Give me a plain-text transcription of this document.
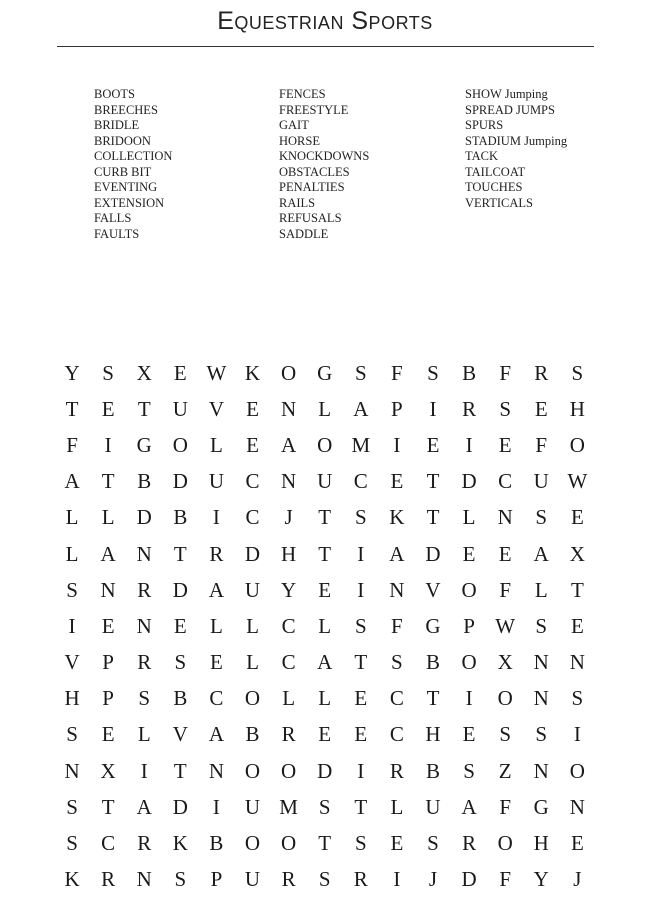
Equestrian Sports
BOOTS
BREECHES
BRIDLE
BRIDOON
COLLECTION
CURB BIT
EVENTING
EXTENSION
FALLS
FAULTS
FENCES
FREESTYLE
GAIT
HORSE
KNOCKDOWNS
OBSTACLES
PENALTIES
RAILS
REFUSALS
SADDLE
SHOW Jumping
SPREAD JUMPS
SPURS
STADIUM Jumping
TACK
TAILCOAT
TOUCHES
VERTICALS
Y	S	X	E W K O G	S	F	S	B	F	R	S
T	E	T	U V	E	N	L	A	P	I	R	S	E	H
F	I	G O	L	E	A O M	I	E	I	E	F	O
A	T	B	D U	C	N U	C	E	T	D	C	U W
L	L	D	B	I	C	J	T	S	K	T	L	N	S	E
L	A N	T	R	D H	T	I	A D	E	E	A X
S	N	R	D A U Y	E	I	N V O	F	L	T
I	E	N	E	L	L	C	L	S	F	G	P W S	E
V	P	R	S	E	L	C	A	T	S	B	O X N N
H	P	S	B	C	O	L	L	E	C	T	I	O N	S
S	E	L	V A	B	R	E	E	C	H	E	S	S	I
N X	I	T	N O O D	I	R	B	S	Z	N O
S	T	A D	I	U M S	T	L	U A	F	G N
S	C	R	K	B	O O	T	S	E	S	R	O H	E
K	R	N	S	P	U	R	S	R	I	J	D	F	Y	J
